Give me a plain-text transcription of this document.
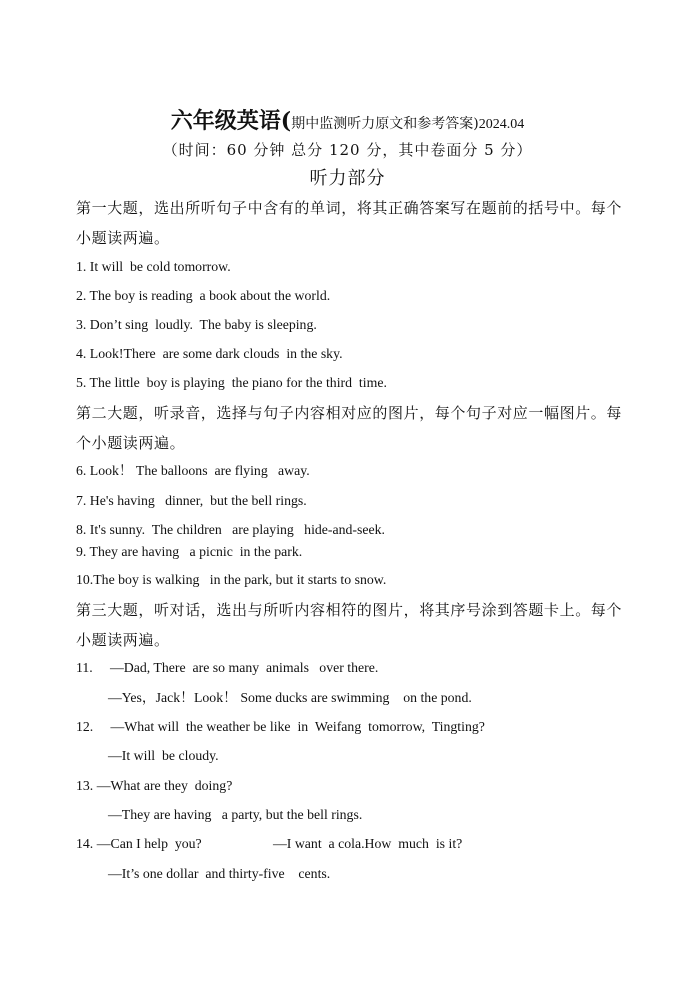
六年级英语(期中监测听力原文和参考答案)2024.04
（时间：60 分钟 总分 120 分，其中卷面分 5 分）
听力部分
第一大题，选出所听句子中含有的单词，将其正确答案写在题前的括号中。每个小题读两遍。
1. It will  be cold tomorrow.
2. The boy is reading  a book about the world.
3. Don’t sing  loudly.  The baby is sleeping.
4. Look!There  are some dark clouds  in the sky.
5. The little  boy is playing  the piano for the third  time.
第二大题，听录音，选择与句子内容相对应的图片，每个句子对应一幅图片。每个小题读两遍。
6. Look！ The balloons  are flying   away.
7. He's having   dinner,  but the bell rings.
8. It's sunny.  The children   are playing   hide-and-seek.
9. They are having   a picnic  in the park.
10.The boy is walking   in the park, but it starts to snow.
第三大题，听对话，选出与所听内容相符的图片，将其序号涂到答题卡上。每个小题读两遍。
11.     —Dad, There  are so many  animals   over there.
—Yes，Jack！Look！ Some ducks are swimming    on the pond.
12.     —What will  the weather be like  in  Weifang  tomorrow,  Tingting?
—It will  be cloudy.
13. —What are they  doing?
—They are having   a party, but the bell rings.
14. —Can I help  you?	—I want  a cola.How  much  is it?
—It’s one dollar  and thirty-five    cents.
